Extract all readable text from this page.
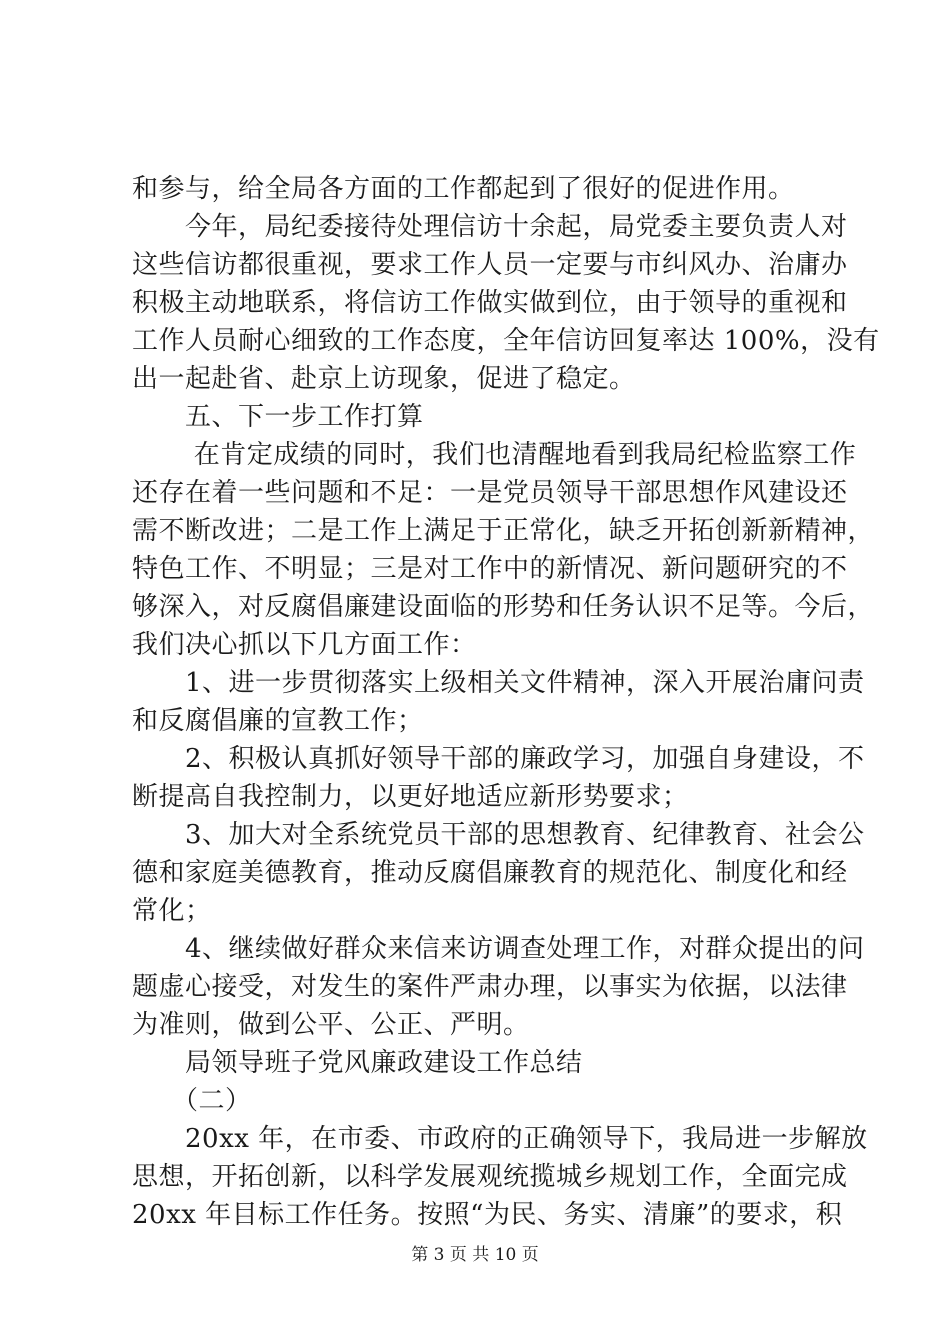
和参与，给全局各方面的工作都起到了很好的促进作用。
　　今年，局纪委接待处理信访十余起，局党委主要负责人对
这些信访都很重视，要求工作人员一定要与市纠风办、治庸办
积极主动地联系，将信访工作做实做到位，由于领导的重视和
工作人员耐心细致的工作态度，全年信访回复率达 100%，没有
出一起赴省、赴京上访现象，促进了稳定。
　　五、下一步工作打算
　　 在肯定成绩的同时，我们也清醒地看到我局纪检监察工作
还存在着一些问题和不足：一是党员领导干部思想作风建设还
需不断改进；二是工作上满足于正常化，缺乏开拓创新新精神，
特色工作、不明显；三是对工作中的新情况、新问题研究的不
够深入，对反腐倡廉建设面临的形势和任务认识不足等。今后，
我们决心抓以下几方面工作：
　　1、进一步贯彻落实上级相关文件精神，深入开展治庸问责
和反腐倡廉的宣教工作；
　　2、积极认真抓好领导干部的廉政学习，加强自身建设，不
断提高自我控制力，以更好地适应新形势要求；
　　3、加大对全系统党员干部的思想教育、纪律教育、社会公
德和家庭美德教育，推动反腐倡廉教育的规范化、制度化和经
常化；
　　4、继续做好群众来信来访调查处理工作，对群众提出的问
题虚心接受，对发生的案件严肃办理，以事实为依据，以法律
为准则，做到公平、公正、严明。
　　局领导班子党风廉政建设工作总结
　　（二）
　　20xx 年，在市委、市政府的正确领导下，我局进一步解放
思想，开拓创新，以科学发展观统揽城乡规划工作，全面完成
20xx 年目标工作任务。按照“为民、务实、清廉”的要求，积
第 3 页 共 10 页
